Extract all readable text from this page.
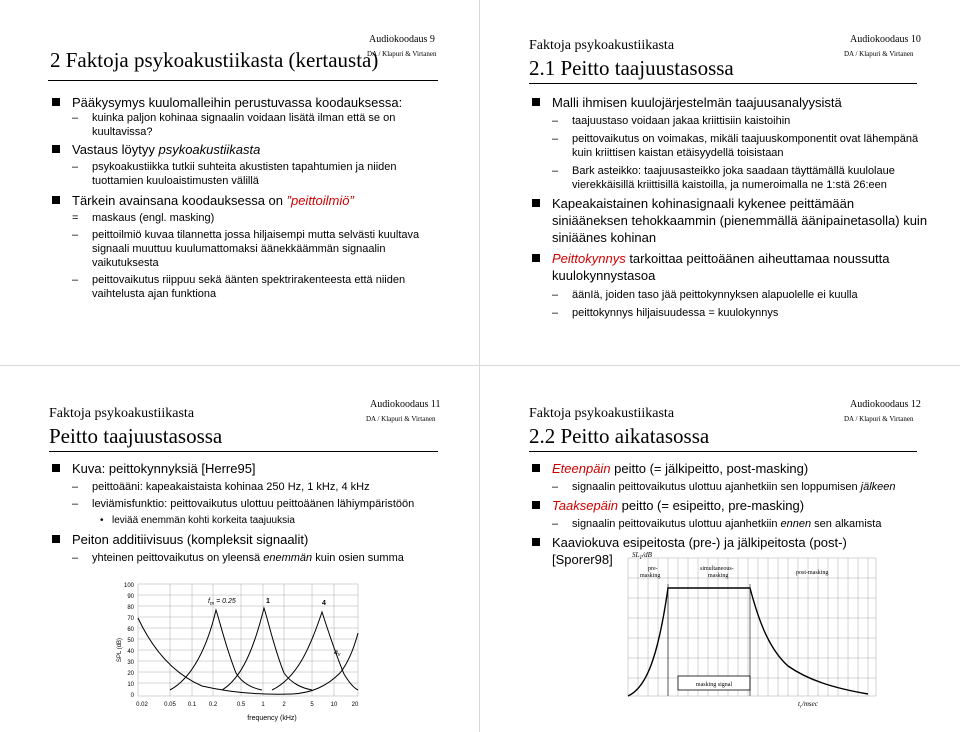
Audiokoodaus 9
DA / Klapuri & Virtanen
2 Faktoja psykoakustiikasta (kertausta)

Pääkysymys kuulomalleihin perustuvassa koodauksessa:

– kuinka paljon kohinaa signaalin voidaan lisätä ilman että se on kuultavissa?

Vastaus löytyy psykoakustiikasta

– psykoakustiikka tutkii suhteita akustisten tapahtumien ja niiden tuottamien kuuloaistimusten välillä

Tärkein avainsana koodauksessa on ”peittoilmiö”

= maskaus (engl. masking)

– peittoilmiö kuvaa tilannetta jossa hiljaisempi mutta selvästi kuultava signaali muuttuu kuulumattomaksi äänekkäämmän signaalin vaikutuksesta

– peittovaikutus riippuu sekä äänten spektrirakenteesta että niiden vaihtelusta ajan funktiona

Faktoja psykoakustiikasta	Audiokoodaus 10
DA / Klapuri & Virtanen
2.1 Peitto taajuustasossa

Malli ihmisen kuulojärjestelmän taajuusanalyysistä

– taajuustaso voidaan jakaa kriittisiin kaistoihin

– peittovaikutus on voimakas, mikäli taajuuskomponentit ovat lähempänä kuin kriittisen kaistan etäisyydellä toisistaan

– Bark asteikko: taajuusasteikko joka saadaan täyttämällä kuulolaue vierekkäisillä kriittisillä kaistoilla, ja numeroimalla ne 1:stä 26:een

Kapeakaistainen kohinasignaali kykenee peittämään siniääneksen tehokkaammin (pienemmällä äänipainetasolla) kuin siniäänes kohinan

Peittokynnys tarkoittaa peittoäänen aiheuttamaa noussutta kuulokynnystasoa

– äänIä, joiden taso jää peittokynnyksen alapuolelle ei kuulla

– peittokynnys hiljaisuudessa = kuulokynnys

Faktoja psykoakustiikasta
Audiokoodaus 11
DA / Klapuri & Virtanen
Peitto taajuustasossa

Kuva: peittokynnyksiä [Herre95]

– peittoääni: kapeakaistaista kohinaa 250 Hz, 1 kHz, 4 kHz

– leviämisfunktio: peittovaikutus ulottuu peittoäänen lähiympäristöön

• leviää enemmän kohti korkeita taajuuksia

Peiton additiivisuus (kompleksit signaalit)

– yhteinen peittovaikutus on yleensä enemmän kuin osien summa

SPL (dB)
100
90
80
70
60
50
40
30
20
10
0
0.02	0.05 0.1 0.2	0.5	1	2	5	10 20
frequency (kHz)
$f_m = 0.25$	1	4
$a_v$
Faktoja psykoakustiikasta
Audiokoodaus 12
DA / Klapuri & Virtanen
2.2 Peitto aikatasossa

Eteenpäin peitto (= jälkipeitto, post-masking)

– signaalin peittovaikutus ulottuu ajanhetkiin sen loppumisen jälkeen

Taaksepäin peitto (= esipeitto, pre-masking)

– signaalin peittovaikutus ulottuu ajanhetkiin ennen sen alkamista

Kaaviokuva esipeitosta (pre-) ja jälkipeitosta (post-) [Sporer98]	$SL_T/dB$
pre-masking
simultaneous-masking	post-masking
$t_r$/msec
masking signal
